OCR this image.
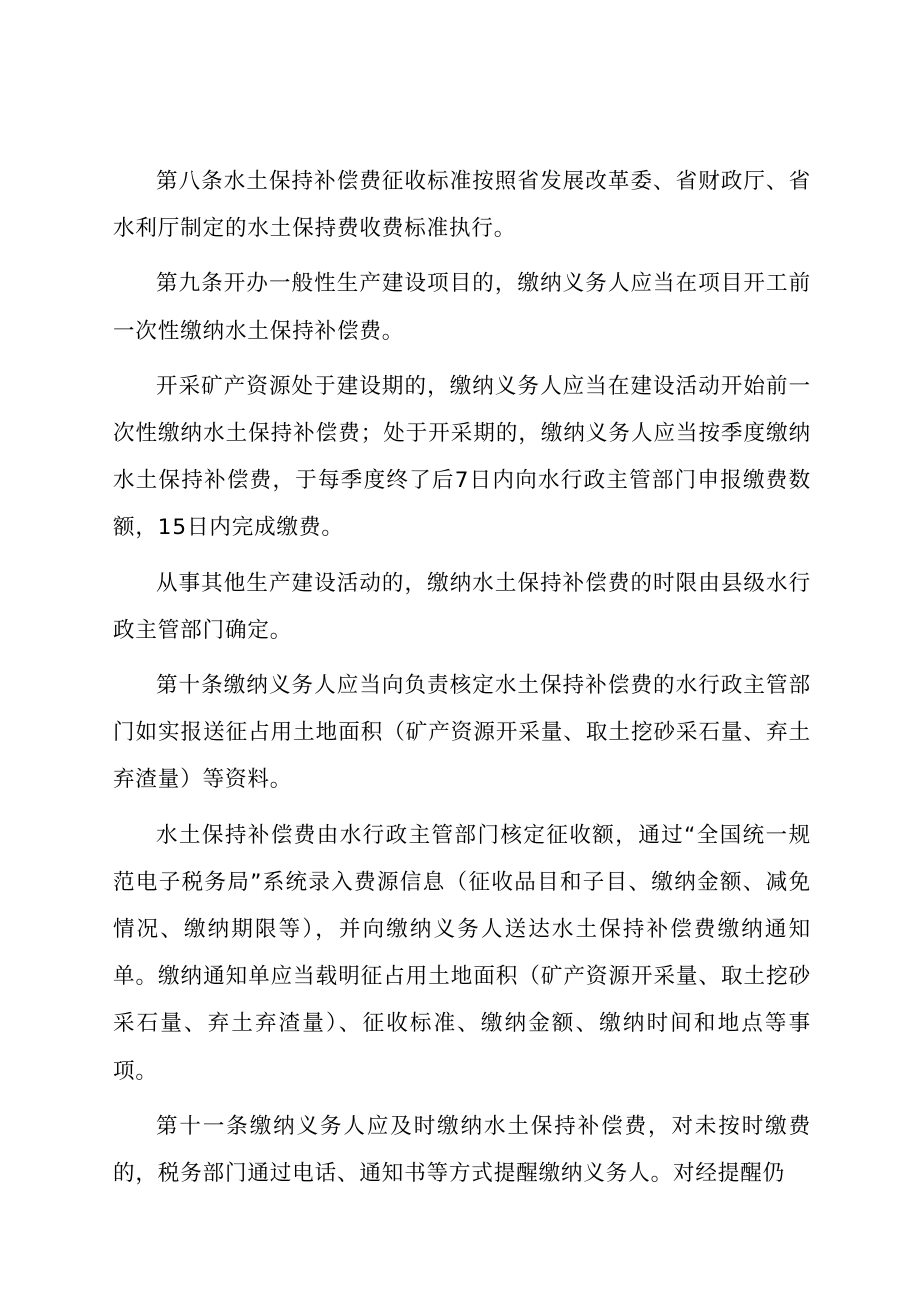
第八条水土保持补偿费征收标准按照省发展改革委、省财政厅、省水利厅制定的水土保持费收费标准执行。

第九条开办一般性生产建设项目的，缴纳义务人应当在项目开工前一次性缴纳水土保持补偿费。

开采矿产资源处于建设期的，缴纳义务人应当在建设活动开始前一次性缴纳水土保持补偿费；处于开采期的，缴纳义务人应当按季度缴纳水土保持补偿费，于每季度终了后7日内向水行政主管部门申报缴费数额，15日内完成缴费。

从事其他生产建设活动的，缴纳水土保持补偿费的时限由县级水行政主管部门确定。

第十条缴纳义务人应当向负责核定水土保持补偿费的水行政主管部门如实报送征占用土地面积（矿产资源开采量、取土挖砂采石量、弃土弃渣量）等资料。

水土保持补偿费由水行政主管部门核定征收额，通过“全国统一规范电子税务局”系统录入费源信息（征收品目和子目、缴纳金额、减免情况、缴纳期限等），并向缴纳义务人送达水土保持补偿费缴纳通知单。缴纳通知单应当载明征占用土地面积（矿产资源开采量、取土挖砂采石量、弃土弃渣量）、征收标准、缴纳金额、缴纳时间和地点等事项。

第十一条缴纳义务人应及时缴纳水土保持补偿费，对未按时缴费的，税务部门通过电话、通知书等方式提醒缴纳义务人。对经提醒仍
